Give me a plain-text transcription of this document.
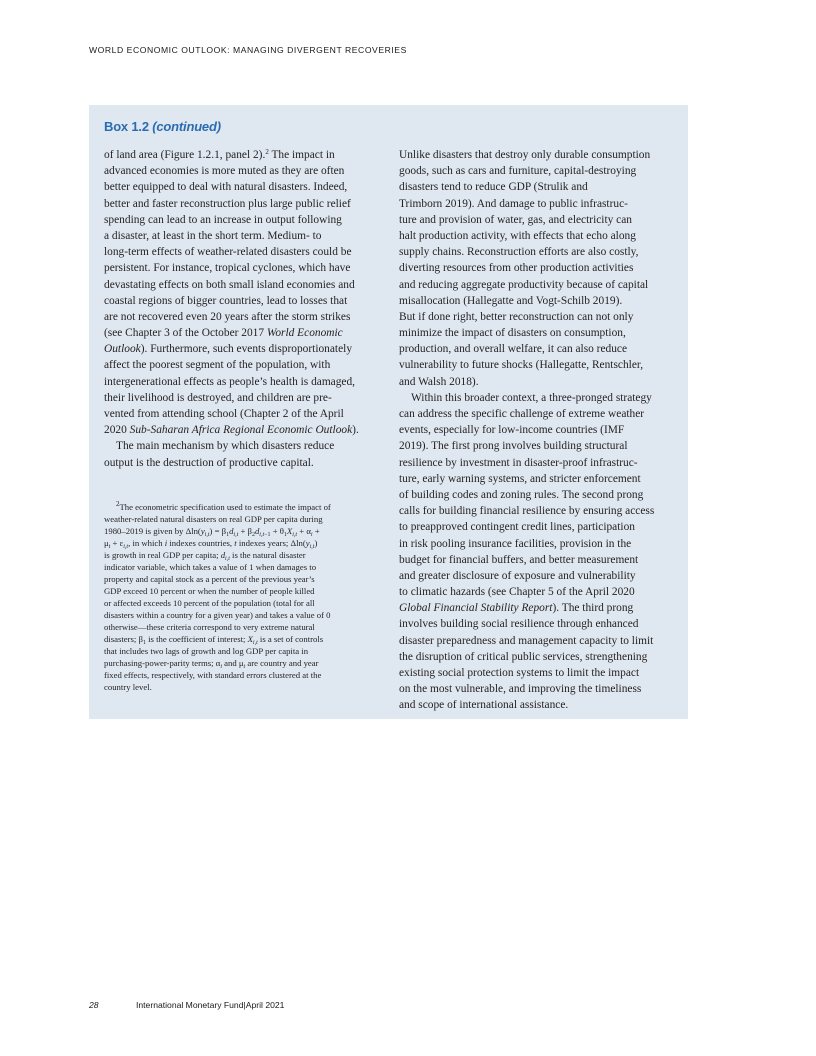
WORLD ECONOMIC OUTLOOK: MANAGING DIVERGENT RECOVERIES
Box 1.2 (continued)
of land area (Figure 1.2.1, panel 2).$^2$ The impact in
advanced economies is more muted as they are often
better equipped to deal with natural disasters. Indeed,
better and faster reconstruction plus large public relief
spending can lead to an increase in output following
a disaster, at least in the short term. Medium- to
long-term effects of weather-related disasters could be
persistent. For instance, tropical cyclones, which have
devastating effects on both small island economies and
coastal regions of bigger countries, lead to losses that
are not recovered even 20 years after the storm strikes
(see Chapter 3 of the October 2017 World Economic
Outlook). Furthermore, such events disproportionately
affect the poorest segment of the population, with
intergenerational effects as people’s health is damaged,
their livelihood is destroyed, and children are pre-
vented from attending school (Chapter 2 of the April
2020 Sub-Saharan Africa Regional Economic Outlook).
The main mechanism by which disasters reduce
output is the destruction of productive capital.
$^2$The econometric specification used to estimate the impact of
weather-related natural disasters on real GDP per capita during
1980–2019 is given by $\Delta\ln(y_{i,t}) = \beta_1d_{i,t} + \beta_2d_{i,t-1} + \theta_1X_{i,t} + \alpha_i$ +
$\mu_t + \varepsilon_{i,t}$, in which i indexes countries, t indexes years; $\Delta\ln(y_{i,t})$
is growth in real GDP per capita; $d_{i,t}$ is the natural disaster
indicator variable, which takes a value of 1 when damages to
property and capital stock as a percent of the previous year’s
GDP exceed 10 percent or when the number of people killed
or affected exceeds 10 percent of the population (total for all
disasters within a country for a given year) and takes a value of 0
otherwise—these criteria correspond to very extreme natural
disasters; $\beta_1$ is the coefficient of interest; $X_{i,t}$ is a set of controls
that includes two lags of growth and log GDP per capita in
purchasing-power-parity terms; $\alpha_i$ and $\mu_t$ are country and year
fixed effects, respectively, with standard errors clustered at the
country level.
Unlike disasters that destroy only durable consumption
goods, such as cars and furniture, capital-destroying
disasters tend to reduce GDP (Strulik and
Trimborn 2019). And damage to public infrastruc-
ture and provision of water, gas, and electricity can
halt production activity, with effects that echo along
supply chains. Reconstruction efforts are also costly,
diverting resources from other production activities
and reducing aggregate productivity because of capital
misallocation (Hallegatte and Vogt-Schilb 2019).
But if done right, better reconstruction can not only
minimize the impact of disasters on consumption,
production, and overall welfare, it can also reduce
vulnerability to future shocks (Hallegatte, Rentschler,
and Walsh 2018).
Within this broader context, a three-pronged strategy
can address the specific challenge of extreme weather
events, especially for low-income countries (IMF
2019). The first prong involves building structural
resilience by investment in disaster-proof infrastruc-
ture, early warning systems, and stricter enforcement
of building codes and zoning rules. The second prong
calls for building financial resilience by ensuring access
to preapproved contingent credit lines, participation
in risk pooling insurance facilities, provision in the
budget for financial buffers, and better measurement
and greater disclosure of exposure and vulnerability
to climatic hazards (see Chapter 5 of the April 2020
Global Financial Stability Report). The third prong
involves building social resilience through enhanced
disaster preparedness and management capacity to limit
the disruption of critical public services, strengthening
existing social protection systems to limit the impact
on the most vulnerable, and improving the timeliness
and scope of international assistance.
28	International Monetary Fund|April 2021
